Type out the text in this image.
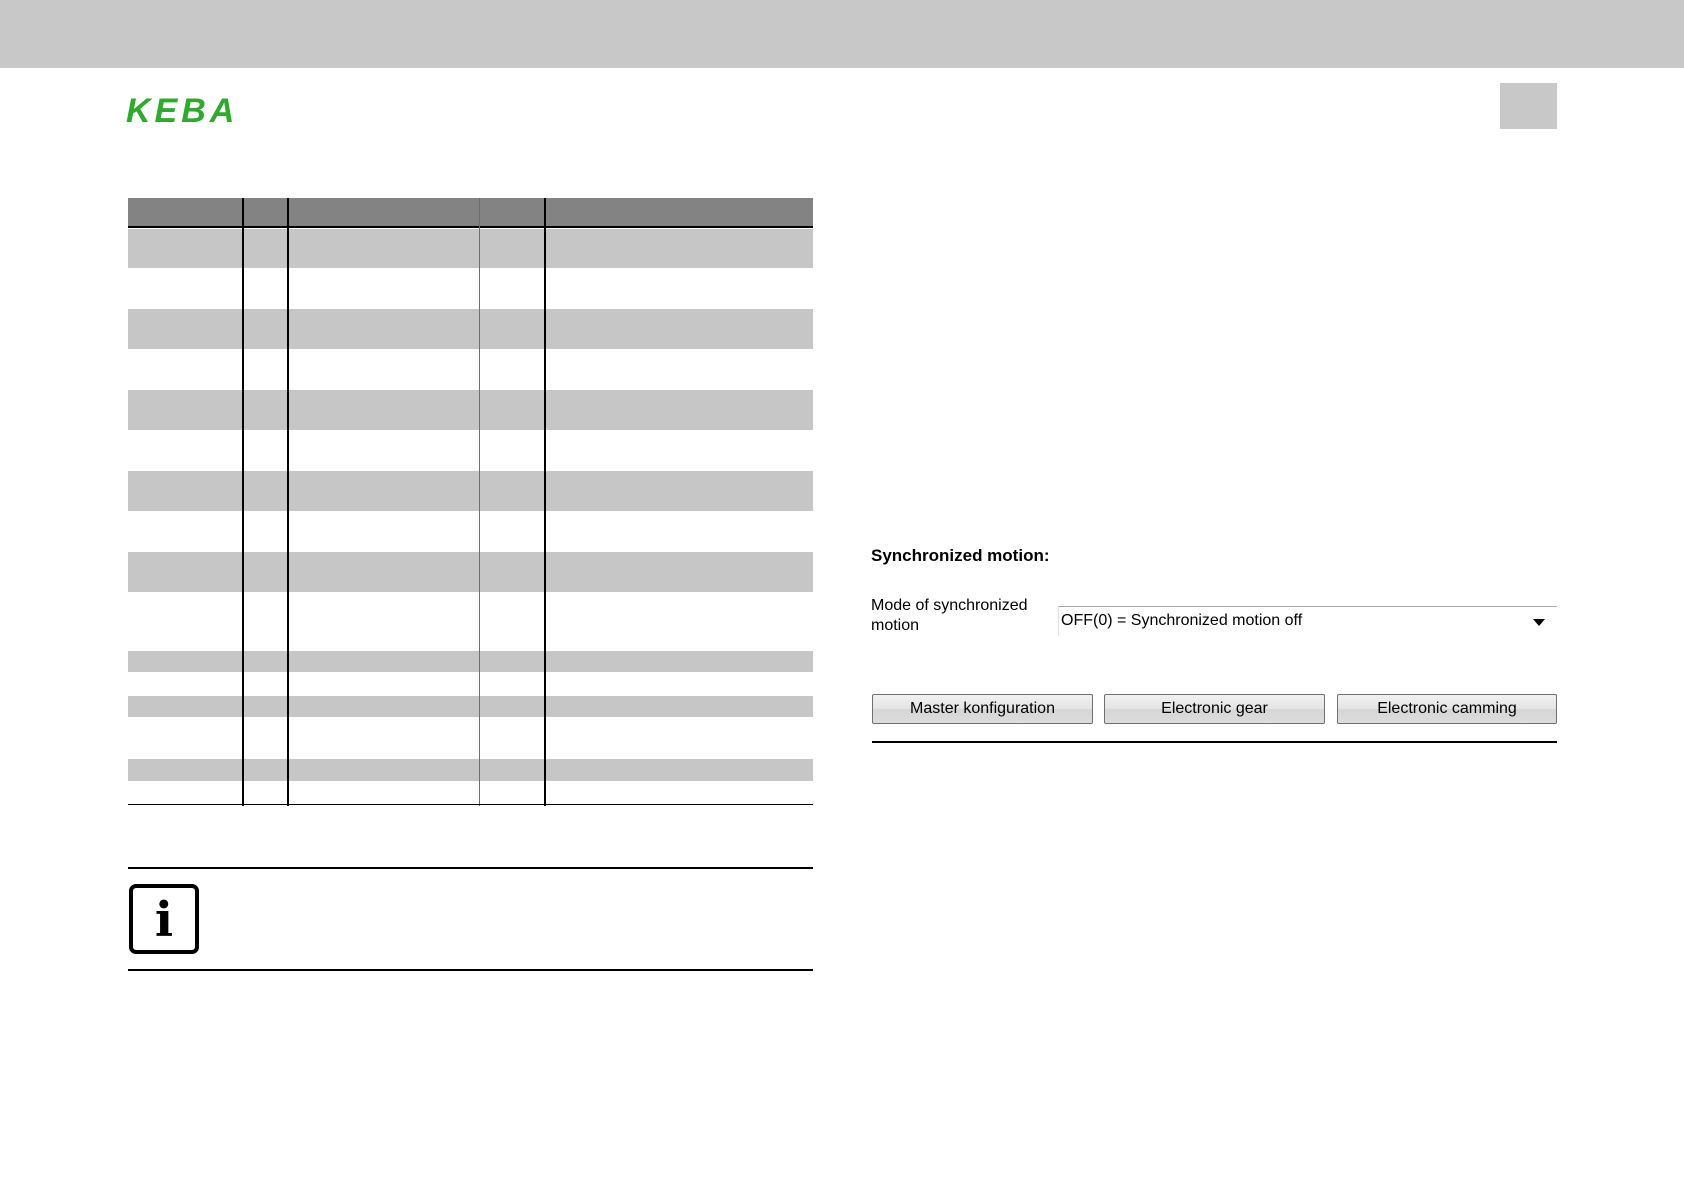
KEBA
i
Synchronized motion:
Mode of synchronized motion	OFF(0) = Synchronized motion off
Master konfiguration	Electronic gear	Electronic camming
